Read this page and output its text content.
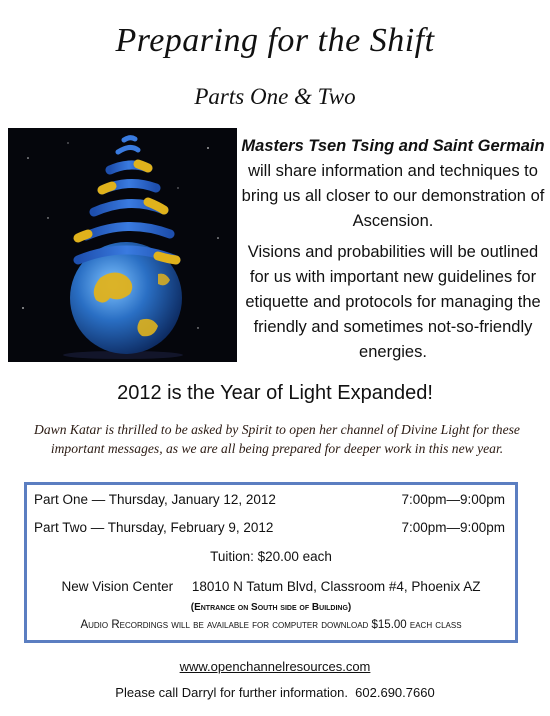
Preparing for the Shift
Parts One & Two

Masters Tsen Tsing and Saint Germain will share information and techniques to bring us all closer to our demonstration of Ascension.

Visions and probabilities will be outlined for us with important new guidelines for etiquette and protocols for managing the friendly and sometimes not-so-friendly energies.

2012 is the Year of Light Expanded!
Dawn Katar is thrilled to be asked by Spirit to open her channel of Divine Light for these important messages, as we are all being prepared for deeper work in this new year.
Part One — Thursday, January 12, 2012	7:00pm—9:00pm
Part Two — Thursday, February 9, 2012	7:00pm—9:00pm
Tuition: $20.00 each
New Vision Center     18010 N Tatum Blvd, Classroom #4, Phoenix AZ
(Entrance on South side of Building)
Audio Recordings will be available for computer download $15.00 each class
www.openchannelresources.com
Please call Darryl for further information.  602.690.7660
